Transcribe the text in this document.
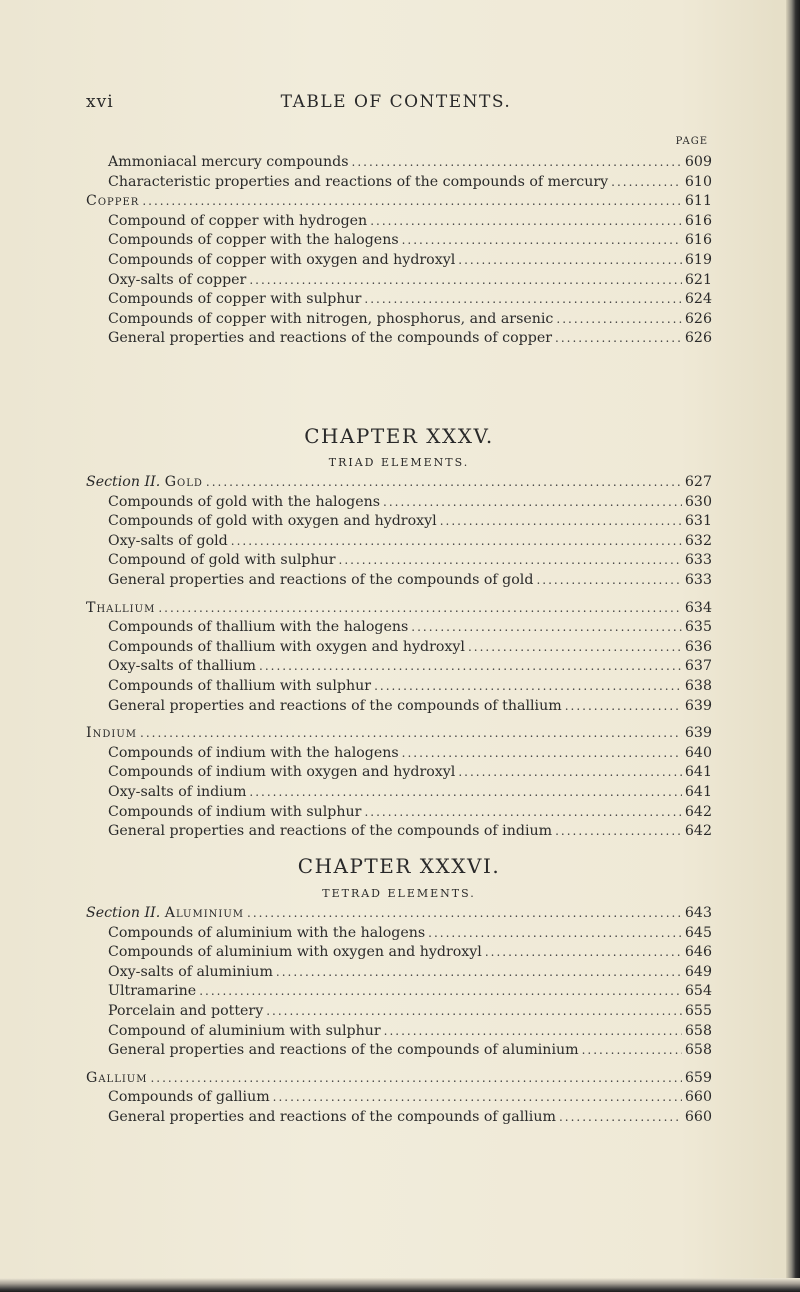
xvi	TABLE OF CONTENTS.
PAGE
Ammoniacal mercury compounds .....	609
Characteristic properties and reactions of the compounds of mercury .....	610
Copper .....	611
Compound of copper with hydrogen .....	616
Compounds of copper with the halogens .....	616
Compounds of copper with oxygen and hydroxyl .....	619
Oxy-salts of copper .....	621
Compounds of copper with sulphur .....	624
Compounds of copper with nitrogen, phosphorus, and arsenic .....	626
General properties and reactions of the compounds of copper .....	626
CHAPTER XXXV.
TRIAD ELEMENTS.
Section II. Gold .....	627
Compounds of gold with the halogens .....	630
Compounds of gold with oxygen and hydroxyl .....	631
Oxy-salts of gold .....	632
Compound of gold with sulphur .....	633
General properties and reactions of the compounds of gold .....	633
Thallium .....	634
Compounds of thallium with the halogens .....	635
Compounds of thallium with oxygen and hydroxyl .....	636
Oxy-salts of thallium .....	637
Compounds of thallium with sulphur .....	638
General properties and reactions of the compounds of thallium .....	639
Indium .....	639
Compounds of indium with the halogens .....	640
Compounds of indium with oxygen and hydroxyl .....	641
Oxy-salts of indium .....	641
Compounds of indium with sulphur .....	642
General properties and reactions of the compounds of indium .....	642
CHAPTER XXXVI.
TETRAD ELEMENTS.
Section II. Aluminium .....	643
Compounds of aluminium with the halogens .....	645
Compounds of aluminium with oxygen and hydroxyl .....	646
Oxy-salts of aluminium .....	649
Ultramarine .....	654
Porcelain and pottery .....	655
Compound of aluminium with sulphur .....	658
General properties and reactions of the compounds of aluminium .....	658
Gallium .....	659
Compounds of gallium .....	660
General properties and reactions of the compounds of gallium .....	660
